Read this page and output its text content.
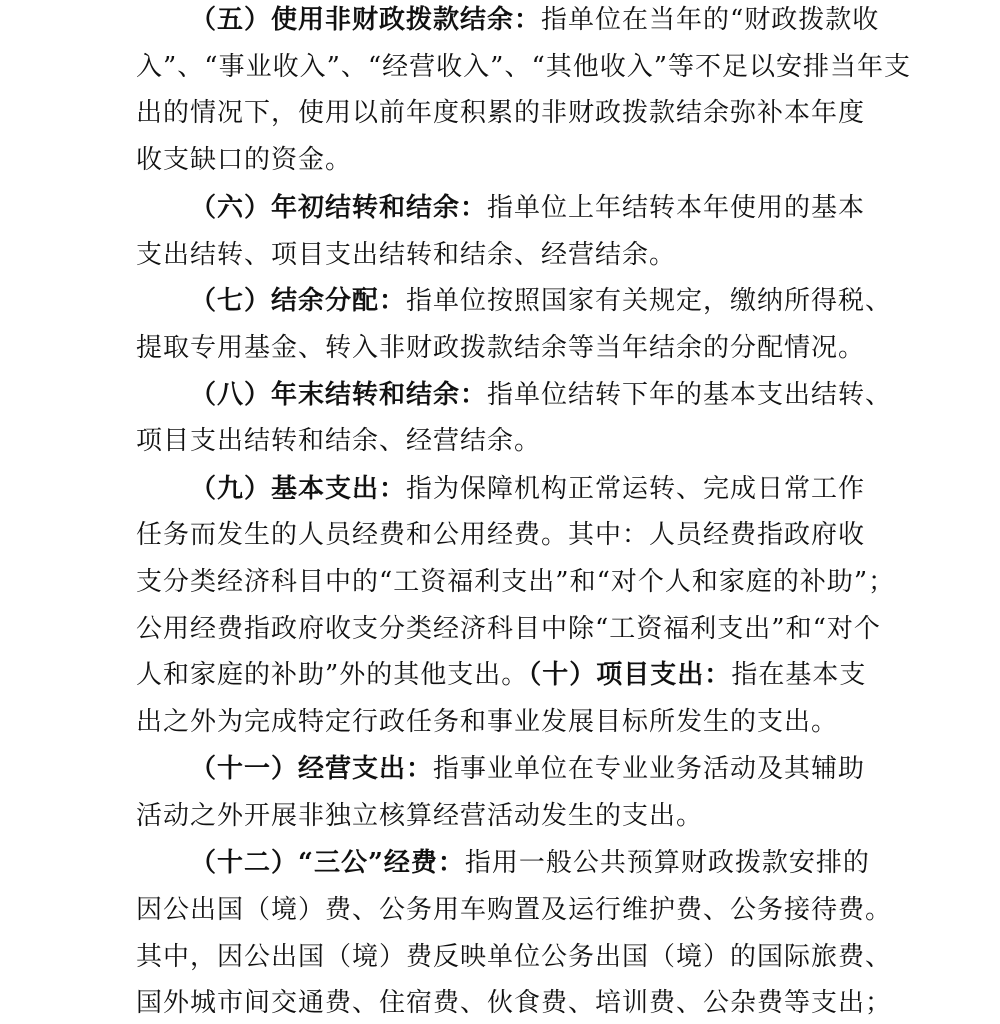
（五）使用非财政拨款结余：指单位在当年的“财政拨款收
入”、“事业收入”、“经营收入”、“其他收入”等不足以安排当年支
出的情况下，使用以前年度积累的非财政拨款结余弥补本年度
收支缺口的资金。
（六）年初结转和结余：指单位上年结转本年使用的基本
支出结转、项目支出结转和结余、经营结余。
（七）结余分配：指单位按照国家有关规定，缴纳所得税、
提取专用基金、转入非财政拨款结余等当年结余的分配情况。
（八）年末结转和结余：指单位结转下年的基本支出结转、
项目支出结转和结余、经营结余。
（九）基本支出：指为保障机构正常运转、完成日常工作
任务而发生的人员经费和公用经费。其中：人员经费指政府收
支分类经济科目中的“工资福利支出”和“对个人和家庭的补助”；
公用经费指政府收支分类经济科目中除“工资福利支出”和“对个
人和家庭的补助”外的其他支出。（十）项目支出：指在基本支
出之外为完成特定行政任务和事业发展目标所发生的支出。
（十一）经营支出：指事业单位在专业业务活动及其辅助
活动之外开展非独立核算经营活动发生的支出。
（十二）“三公”经费：指用一般公共预算财政拨款安排的
因公出国（境）费、公务用车购置及运行维护费、公务接待费。
其中，因公出国（境）费反映单位公务出国（境）的国际旅费、
国外城市间交通费、住宿费、伙食费、培训费、公杂费等支出；
